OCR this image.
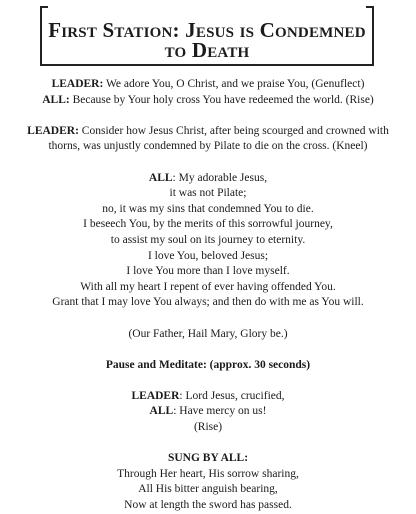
First Station: Jesus is Condemned
to Death

LEADER: We adore You, O Christ, and we praise You, (Genuflect)

ALL: Because by Your holy cross You have redeemed the world. (Rise)

LEADER: Consider how Jesus Christ, after being scourged and crowned with

thorns, was unjustly condemned by Pilate to die on the cross. (Kneel)

ALL: My adorable Jesus,

it was not Pilate;

no, it was my sins that condemned You to die.

I beseech You, by the merits of this sorrowful journey,

to assist my soul on its journey to eternity.

I love You, beloved Jesus;

I love You more than I love myself.

With all my heart I repent of ever having offended You.

Grant that I may love You always; and then do with me as You will.

(Our Father, Hail Mary, Glory be.)

Pause and Meditate: (approx. 30 seconds)

LEADER: Lord Jesus, crucified,

ALL: Have mercy on us!

(Rise)

SUNG BY ALL:

Through Her heart, His sorrow sharing,

All His bitter anguish bearing,

Now at length the sword has passed.
